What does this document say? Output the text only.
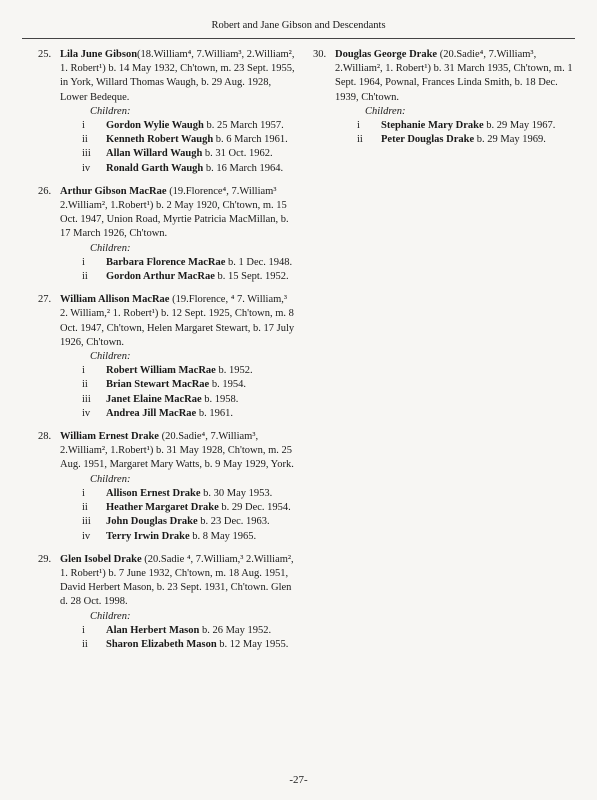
Robert and Jane Gibson and Descendants
25. Lila June Gibson(18.William⁴, 7.William³, 2.William², 1. Robert¹) b. 14 May 1932, Ch'town, m. 23 Sept. 1955, in York, Willard Thomas Waugh, b. 29 Aug. 1928, Lower Bedeque.
Children:
i Gordon Wylie Waugh b. 25 March 1957.
ii Kenneth Robert Waugh b. 6 March 1961.
iii Allan Willard Waugh b. 31 Oct. 1962.
iv Ronald Garth Waugh b. 16 March 1964.
26. Arthur Gibson MacRae (19.Florence⁴, 7.William³ 2.William², 1.Robert¹) b. 2 May 1920, Ch'town, m. 15 Oct. 1947, Union Road, Myrtie Patricia MacMillan, b. 17 March 1926, Ch'town.
Children:
i Barbara Florence MacRae b. 1 Dec. 1948.
ii Gordon Arthur MacRae b. 15 Sept. 1952.
27. William Allison MacRae (19.Florence, ⁴ 7. William,³ 2. William,² 1. Robert¹) b. 12 Sept. 1925, Ch'town, m. 8 Oct. 1947, Ch'town, Helen Margaret Stewart, b. 17 July 1926, Ch'town.
Children:
i Robert William MacRae b. 1952.
ii Brian Stewart MacRae b. 1954.
iii Janet Elaine MacRae b. 1958.
iv Andrea Jill MacRae b. 1961.
28. William Ernest Drake (20.Sadie⁴, 7.William³, 2.William², 1.Robert¹) b. 31 May 1928, Ch'town, m. 25 Aug. 1951, Margaret Mary Watts, b. 9 May 1929, York.
Children:
i Allison Ernest Drake b. 30 May 1953.
ii Heather Margaret Drake b. 29 Dec. 1954.
iii John Douglas Drake b. 23 Dec. 1963.
iv Terry Irwin Drake b. 8 May 1965.
29. Glen Isobel Drake (20.Sadie ⁴, 7.William,³ 2.William², 1. Robert¹) b. 7 June 1932, Ch'town, m. 18 Aug. 1951, David Herbert Mason, b. 23 Sept. 1931, Ch'town. Glen d. 28 Oct. 1998.
Children:
i Alan Herbert Mason b. 26 May 1952.
ii Sharon Elizabeth Mason b. 12 May 1955.
30. Douglas George Drake (20.Sadie⁴, 7.William³, 2.William², 1. Robert¹) b. 31 March 1935, Ch'town, m. 1 Sept. 1964, Pownal, Frances Linda Smith, b. 18 Dec. 1939, Ch'town.
Children:
i Stephanie Mary Drake b. 29 May 1967.
ii Peter Douglas Drake b. 29 May 1969.
-27-
